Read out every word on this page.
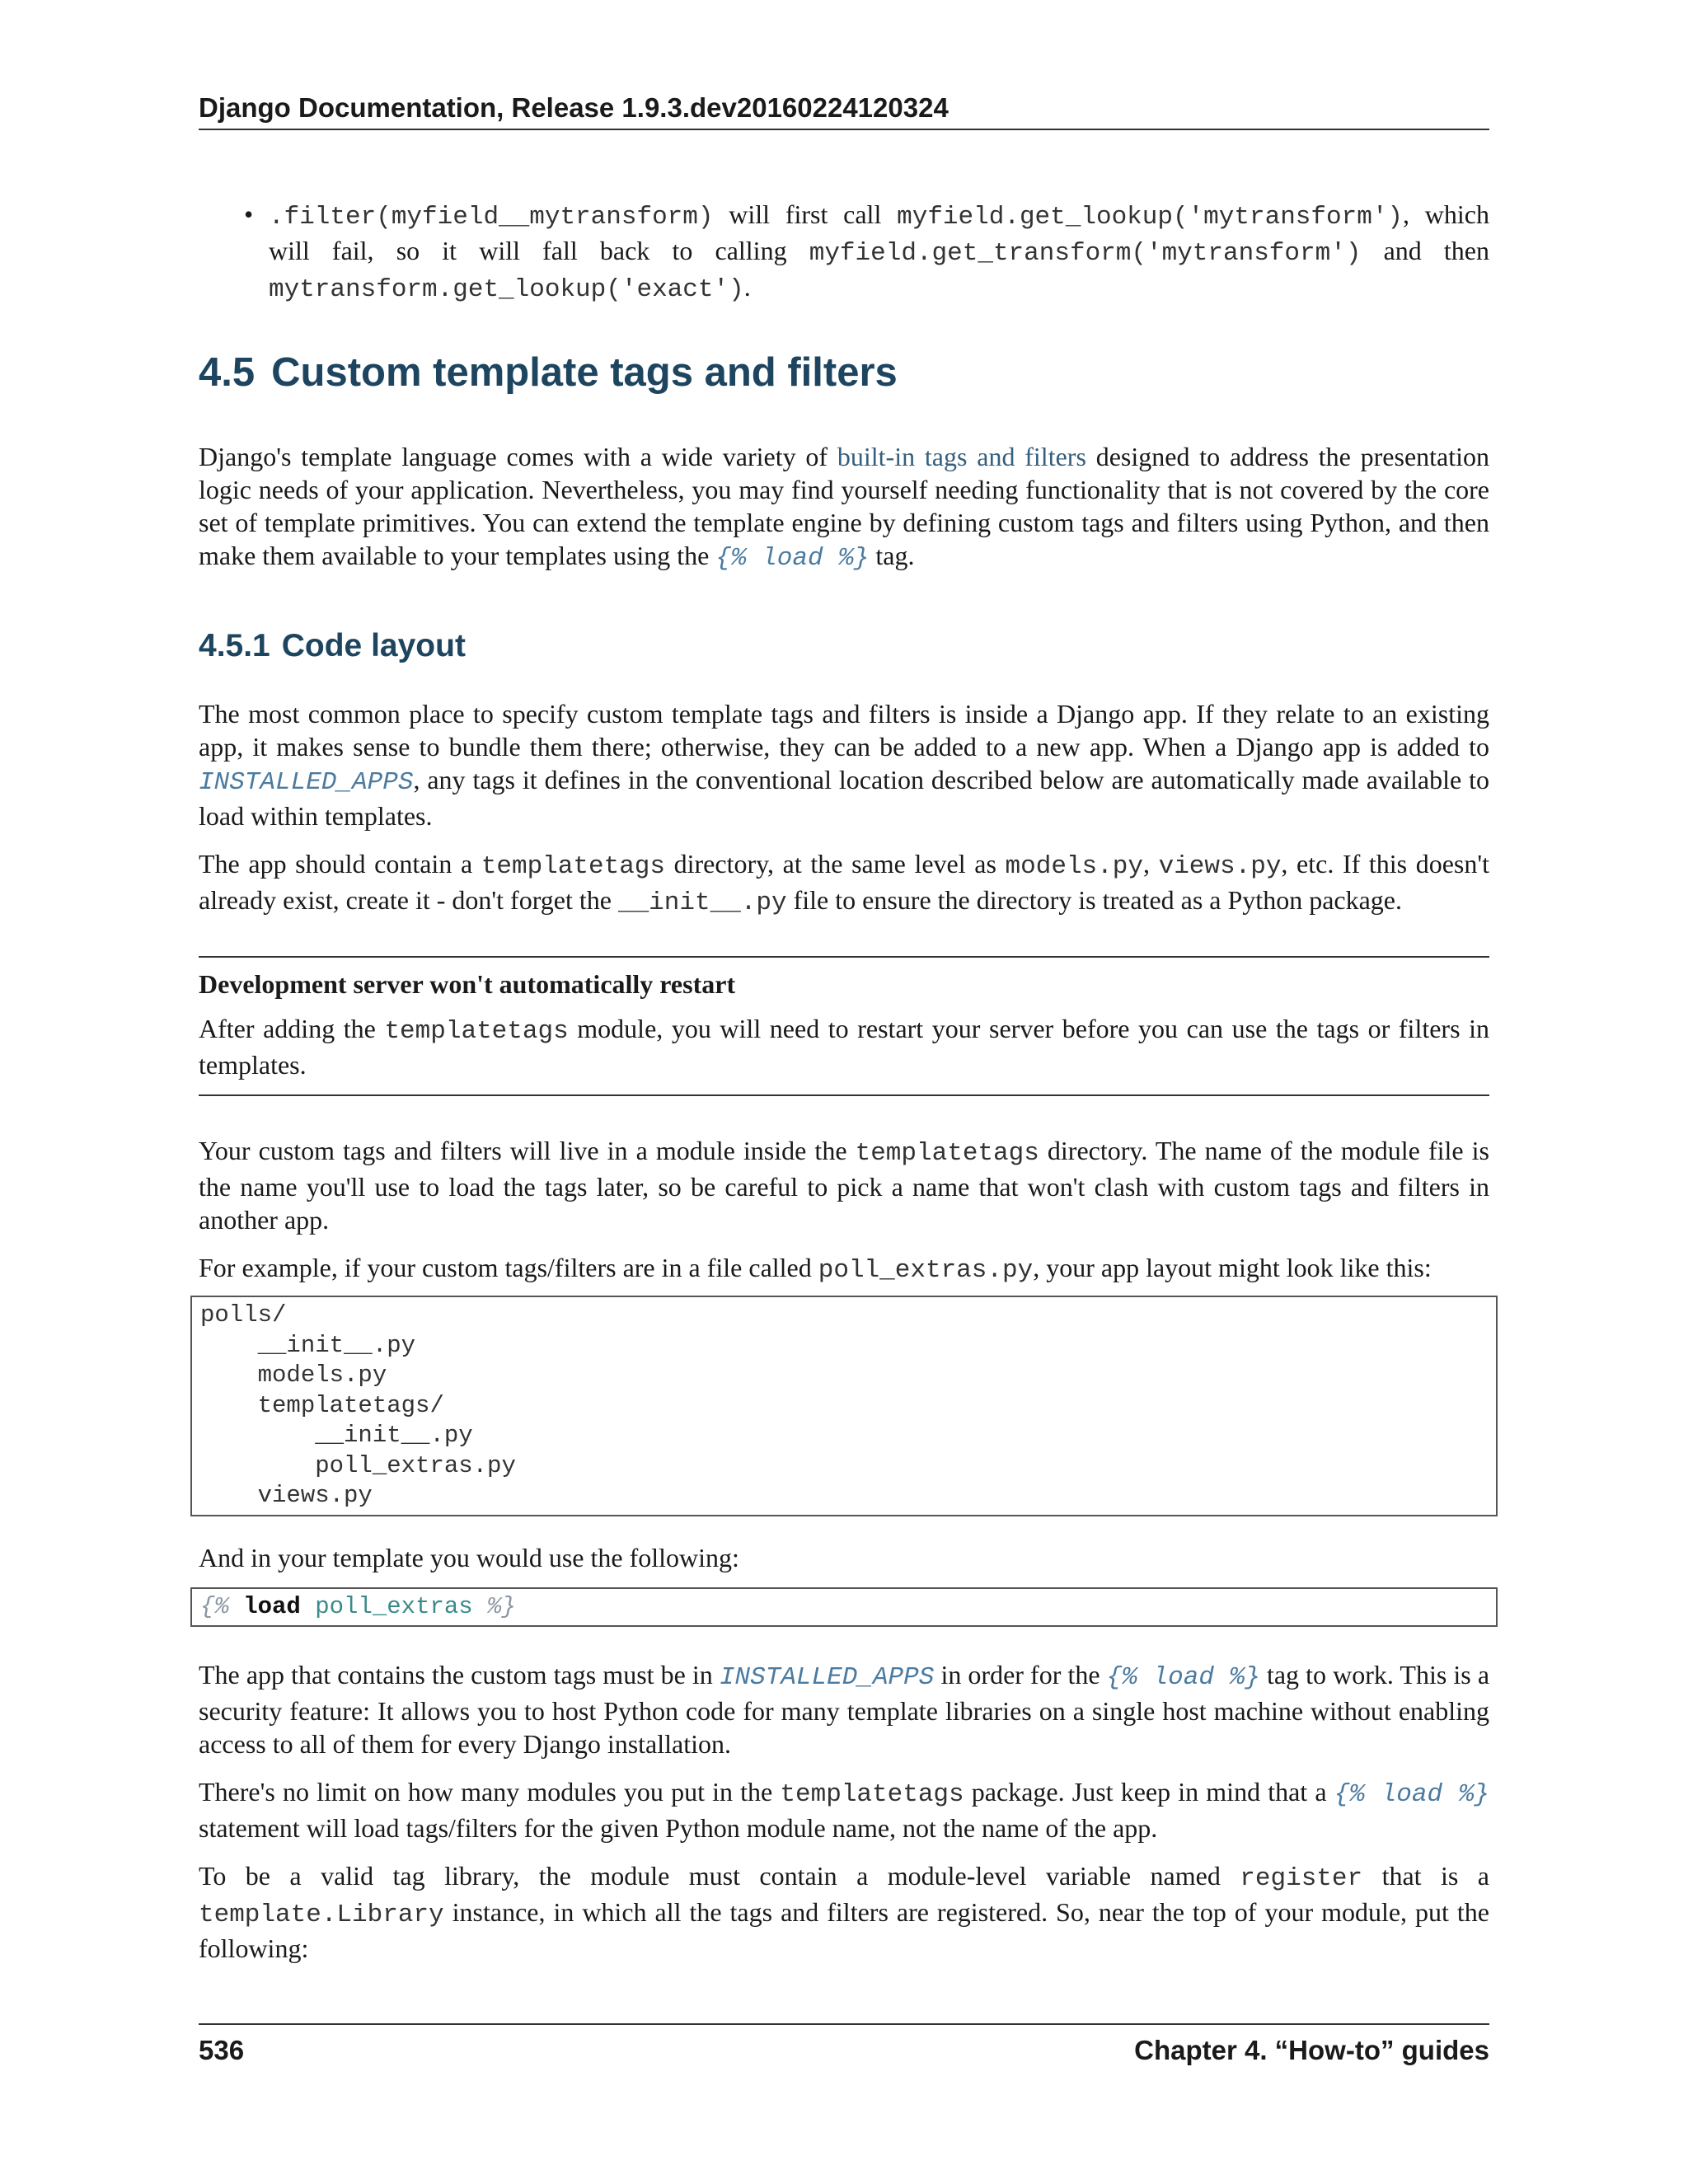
Django Documentation, Release 1.9.3.dev20160224120324
• .filter(myfield__mytransform) will first call myfield.get_lookup('mytransform'), which will fail, so it will fall back to calling myfield.get_transform('mytransform') and then mytransform.get_lookup('exact').
4.5 Custom template tags and filters

Django's template language comes with a wide variety of built-in tags and filters designed to address the presentation logic needs of your application. Nevertheless, you may find yourself needing functionality that is not covered by the core set of template primitives. You can extend the template engine by defining custom tags and filters using Python, and then make them available to your templates using the {% load %} tag.

4.5.1 Code layout

The most common place to specify custom template tags and filters is inside a Django app. If they relate to an existing app, it makes sense to bundle them there; otherwise, they can be added to a new app. When a Django app is added to INSTALLED_APPS, any tags it defines in the conventional location described below are automatically made available to load within templates.

The app should contain a templatetags directory, at the same level as models.py, views.py, etc. If this doesn't already exist, create it - don't forget the __init__.py file to ensure the directory is treated as a Python package.

Development server won't automatically restart

After adding the templatetags module, you will need to restart your server before you can use the tags or filters in templates.

Your custom tags and filters will live in a module inside the templatetags directory. The name of the module file is the name you'll use to load the tags later, so be careful to pick a name that won't clash with custom tags and filters in another app.

For example, if your custom tags/filters are in a file called poll_extras.py, your app layout might look like this:

polls/
__init__.py
models.py
templatetags/
__init__.py
poll_extras.py
views.py

And in your template you would use the following:

{% load poll_extras %}

The app that contains the custom tags must be in INSTALLED_APPS in order for the {% load %} tag to work. This is a security feature: It allows you to host Python code for many template libraries on a single host machine without enabling access to all of them for every Django installation.

There's no limit on how many modules you put in the templatetags package. Just keep in mind that a {% load %} statement will load tags/filters for the given Python module name, not the name of the app.

To be a valid tag library, the module must contain a module-level variable named register that is a template.Library instance, in which all the tags and filters are registered. So, near the top of your module, put the following:

536	Chapter 4. “How-to” guides
